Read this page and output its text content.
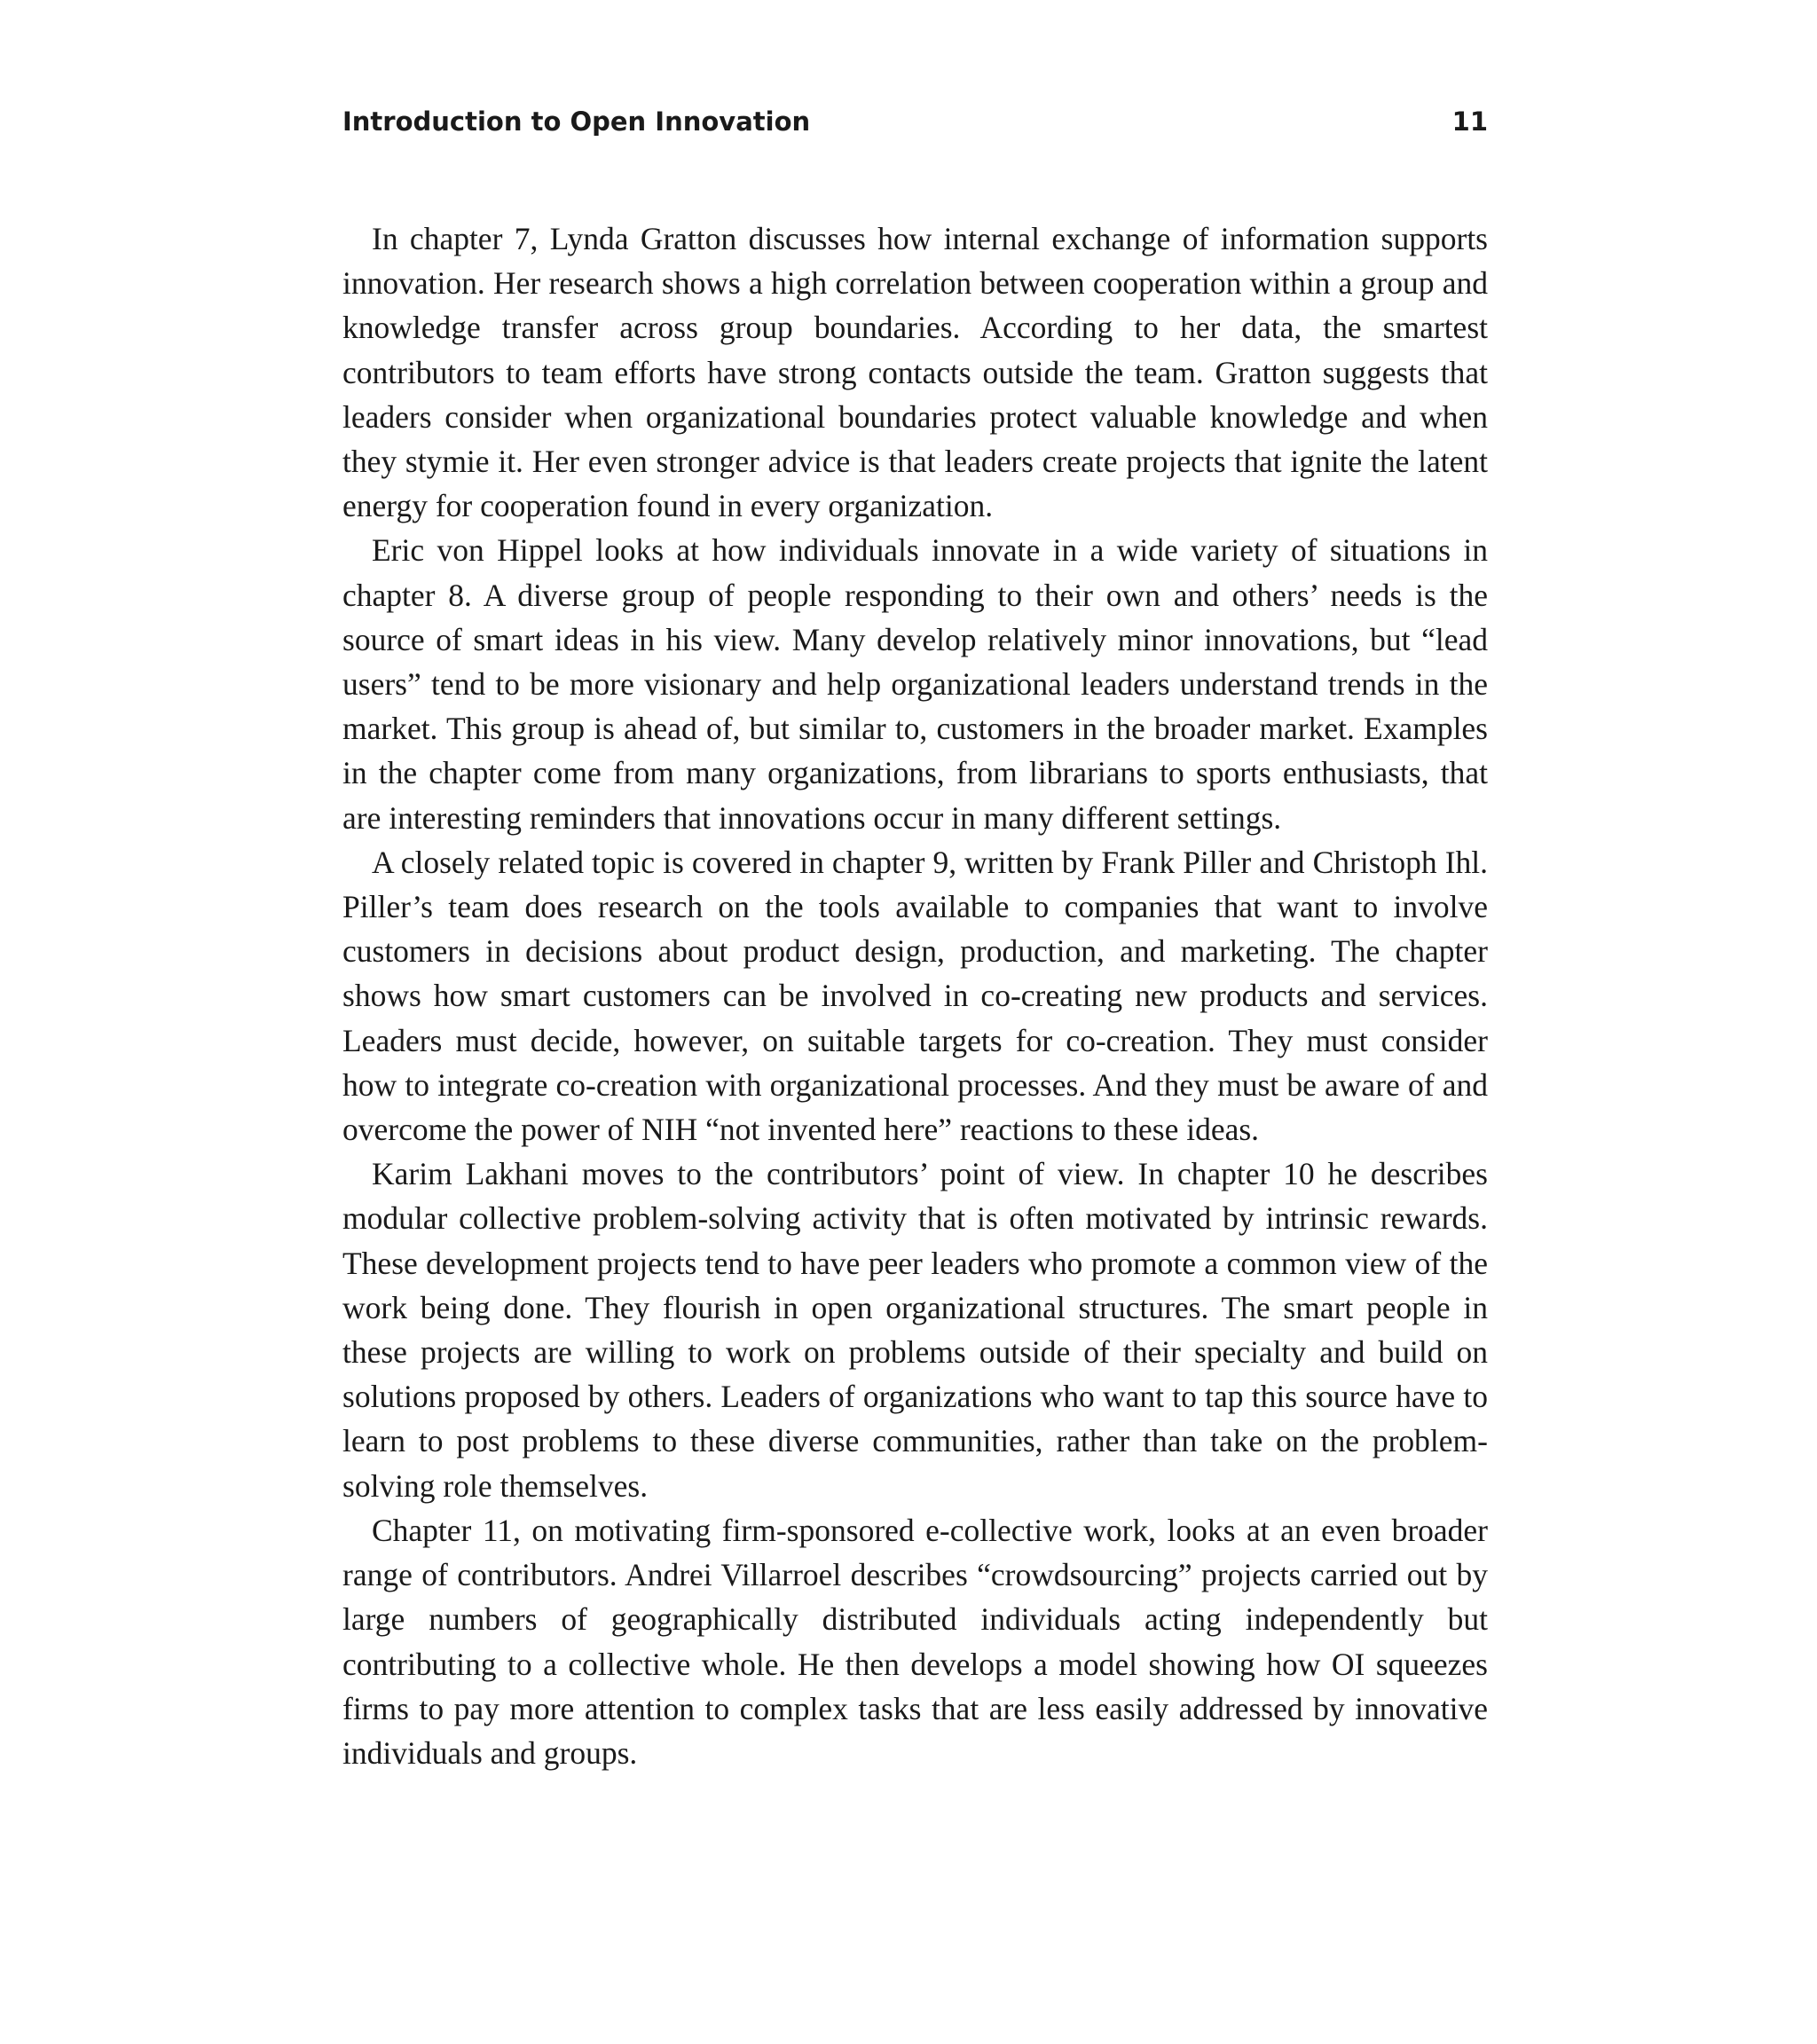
Introduction to Open Innovation	11

In chapter 7, Lynda Gratton discusses how internal exchange of information supports innovation. Her research shows a high correlation between cooperation within a group and knowledge transfer across group boundaries. According to her data, the smartest contributors to team efforts have strong contacts outside the team. Gratton suggests that leaders consider when organizational boundaries protect valuable knowledge and when they stymie it. Her even stronger advice is that leaders create projects that ignite the latent energy for cooperation found in every organization.

Eric von Hippel looks at how individuals innovate in a wide variety of situations in chapter 8. A diverse group of people responding to their own and others’ needs is the source of smart ideas in his view. Many develop relatively minor innovations, but “lead users” tend to be more visionary and help organizational leaders understand trends in the market. This group is ahead of, but similar to, customers in the broader market. Examples in the chapter come from many organizations, from librarians to sports enthusiasts, that are interesting reminders that innovations occur in many different settings.

A closely related topic is covered in chapter 9, written by Frank Piller and Christoph Ihl. Piller’s team does research on the tools available to companies that want to involve customers in decisions about product design, production, and marketing. The chapter shows how smart customers can be involved in co-creating new products and services. Leaders must decide, however, on suitable targets for co-creation. They must consider how to integrate co-creation with organizational processes. And they must be aware of and overcome the power of NIH “not invented here” reactions to these ideas.

Karim Lakhani moves to the contributors’ point of view. In chapter 10 he describes modular collective problem-solving activity that is often motivated by intrinsic rewards. These development projects tend to have peer leaders who promote a common view of the work being done. They flourish in open organizational structures. The smart people in these projects are willing to work on problems outside of their specialty and build on solutions proposed by others. Leaders of organizations who want to tap this source have to learn to post problems to these diverse communities, rather than take on the problem-solving role themselves.

Chapter 11, on motivating firm-sponsored e-collective work, looks at an even broader range of contributors. Andrei Villarroel describes “crowdsourcing” projects carried out by large numbers of geographically distributed individuals acting independently but contributing to a collective whole. He then develops a model showing how OI squeezes firms to pay more attention to complex tasks that are less easily addressed by innovative individuals and groups.
